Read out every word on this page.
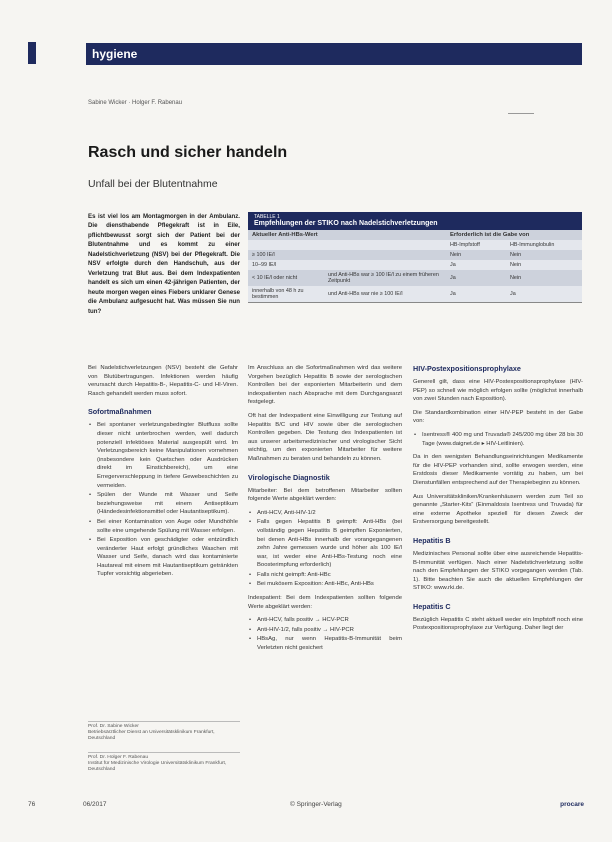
hygiene
Sabine Wicker · Holger F. Rabenau
Rasch und sicher handeln
Unfall bei der Blutentnahme

Es ist viel los am Montagmorgen in der Ambulanz. Die diensthabende Pflegekraft ist in Eile, pflichtbewusst sorgt sich der Patient bei der Blutentnahme und es kommt zu einer Nadelstichverletzung (NSV) bei der Pflegekraft. Die NSV erfolgte durch den Handschuh, aus der Verletzung trat Blut aus. Bei dem Indexpatienten handelt es sich um einen 42-jährigen Patienten, der heute morgen wegen eines Fiebers unklarer Genese die Ambulanz aufgesucht hat. Was müssen Sie nun tun?

TABELLE 1
Empfehlungen der STIKO nach Nadelstichverletzungen
Aktueller Anti-HBs-Wert		Erforderlich ist die Gabe von	
		HB-Impfstoff	HB-Immunglobulin
≥ 100 IE/l		Nein	Nein
10–99 IE/l		Ja	Nein
< 10 IE/l oder nicht	und Anti-HBs war ≥ 100 IE/l zu einem früheren Zeitpunkt	Ja	Nein
innerhalb von 48 h zu bestimmen	und Anti-HBs war nie ≥ 100 IE/l	Ja	Ja

Bei Nadelstichverletzungen (NSV) besteht die Gefahr von Blutübertragungen. Infektionen werden häufig verursacht durch Hepatitis-B-, Hepatitis-C- und HI-Viren. Rasch gehandelt werden muss sofort.

Sofortmaßnahmen
• Bei spontaner verletzungsbedingter Blutfluss sollte dieser nicht unterbrochen werden, weil dadurch potenziell infektiöses Material ausgespült wird. Im Verletzungsbereich keine Manipulationen vornehmen (insbesondere kein Quetschen oder Ausdrücken direkt im Einstichbereich), um eine Erregerverschleppung in tiefere Gewebeschichten zu vermeiden.
• Spülen der Wunde mit Wasser und Seife beziehungsweise mit einem Antiseptikum (Händedesinfektionsmittel oder Hautantiseptikum).
• Bei einer Kontamination von Auge oder Mundhöhle sollte eine umgehende Spülung mit Wasser erfolgen.
• Bei Exposition von geschädigter oder entzündlich veränderter Haut erfolgt gründliches Waschen mit Wasser und Seife, danach wird das kontaminierte Hautareal mit einem mit Hautantiseptikum getränkten Tupfer vorsichtig abgerieben.

Im Anschluss an die Sofortmaßnahmen wird das weitere Vorgehen bezüglich Hepatitis B sowie der serologischen Kontrollen bei der exponierten Mitarbeiterin und dem indexpatienten nach Absprache mit dem Durchgangsarzt festgelegt.

Oft hat der Indexpatient eine Einwilligung zur Testung auf Hepatitis B/C und HIV sowie über die serologischen Kontrollen gegeben. Die Testung des Indexpatienten ist aus unserer arbeitsmedizinischer und virologischer Sicht wichtig, um den exponierten Mitarbeiter für weitere Maßnahmen zu beraten und behandeln zu können.

Virologische Diagnostik

Mitarbeiter: Bei dem betroffenen Mitarbeiter sollten folgende Werte abgeklärt werden:

• Anti-HCV, Anti-HIV-1/2
• Falls gegen Hepatitis B geimpft: Anti-HBs (bei vollständig gegen Hepatitis B geimpften Exponierten, bei denen Anti-HBs innerhalb der vorangegangenen zehn Jahre gemessen wurde und höher als 100 IE/l war, ist weder eine Anti-HBs-Testung noch eine Boosterimpfung erforderlich)
• Falls nicht geimpft: Anti-HBc
• Bei mukösem Exposition: Anti-HBc, Anti-HBs

Indexpatient: Bei dem Indexpatienten sollten folgende Werte abgeklärt werden:

• Anti-HCV, falls positiv → HCV-PCR
• Anti-HIV-1/2, falls positiv → HIV-PCR
• HBsAg, nur wenn Hepatitis-B-Immunität beim Verletzten nicht gesichert
HIV-Postexpositionsprophylaxe

Generell gilt, dass eine HIV-Postexpositionsprophylaxe (HIV-PEP) so schnell wie möglich erfolgen sollte (möglichst innerhalb von zwei Stunden nach Exposition).

Die Standardkombination einer HIV-PEP besteht in der Gabe von:

• Isentress® 400 mg und Truvada® 245/200 mg über 28 bis 30 Tage (www.daignet.de ▸ HIV-Leitlinien).

Da in den wenigsten Behandlungseinrichtungen Medikamente für die HIV-PEP vorhanden sind, sollte erwogen werden, eine Erstdosis dieser Medikamente vorrätig zu haben, um bei Dienstunfällen entsprechend auf der Therapiebeginn zu können.

Aus Universitätskliniken/Krankenhäusern werden zum Teil so genannte „Starter-Kits“ (Einmaldosis Isentress und Truvada) für eine externe Apotheke speziell für diesen Zweck der Erstversorgung bereitgestellt.

Hepatitis B

Medizinisches Personal sollte über eine ausreichende Hepatitis-B-Immunität verfügen. Nach einer Nadelstichverletzung sollte nach den Empfehlungen der STIKO vorgegangen werden (Tab. 1). Bitte beachten Sie auch die aktuellen Empfehlungen der STIKO: www.rki.de.

Hepatitis C

Bezüglich Hepatitis C steht aktuell weder ein Impfstoff noch eine Postexpositionsprophylaxe zur Verfügung. Daher liegt der

Prof. Dr. Sabine Wicker
Betriebsärztlicher Dienst an Universitätsklinikum Frankfurt, Deutschland
Prof. Dr. Holger F. Rabenau
Institut für Medizinische Virologie Universitätsklinikum Frankfurt, Deutschland
76	06/2017	© Springer-Verlag	procare
